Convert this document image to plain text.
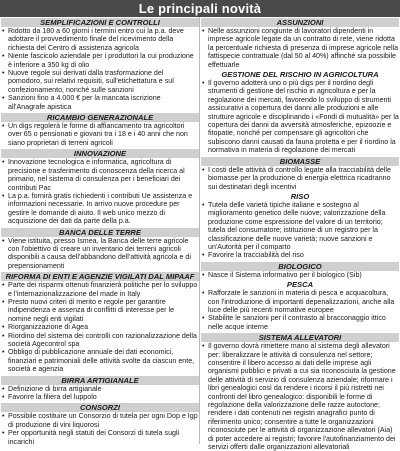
Le principali novità
SEMPLIFICAZIONI E CONTROLLI
• Ridotto da 180 a 60 giorni i termini entro cui la p.a. deve adottare il provvedimento finale del ricevimento della richiesta del Centro di assistenza agricola
• Niente fascicolo aziendale per i produttori la cui produzione è inferiore a 350 kg di olio
• Nuove regole sui derivati dalla trasformazione del pomodoro, sui relativi requisiti, sull'etichettatura e sul confezionamento, nonché sulle sanzioni
• Sanzioni fino a 4.000 € per la mancata iscrizione all'Anagrafe apistica
RICAMBIO GENERAZIONALE
• Un digs regolerà le forme di affiancamento tra agricoltori over 65 o pensionati e giovani tra i 18 e i 40 anni che non siano proprietari di terreni agricoli
INNOVAZIONE
• Innovazione tecnologica e informatica, agricoltura di precisione e trasferimento di conoscenza della ricerca al primario, nel sistema di consulenza per i beneficiari dei contributi Pac
• La p.a. fornirà gratis richiedenti i contributi Ue assistenza e informazioni necessarie. In arrivo nuove procedure per gestire le domande di aiuto. Il web unico mezzo di acquisizione dei dati da parte della p.a.
BANCA DELLE TERRE
• Viene istituita, presso Ismea, la Banca delle terre agricole con l'obiettivo di creare un inventario dei terreni agricoli disponibili a causa dell'abbandono dell'attività agricola e di prepensionamenti
RIFORMA DI ENTI E AGENZIE VIGILATI DAL MIPAAF
• Parte dei risparmi ottenuti finanzierà politiche per lo sviluppo e l'internazionalizzazione del made in Italy
• Presto nuovi criteri di merito e regole per garantire indipendenza e assenza di conflitti di interesse per le nomine negli enti vigilati
• Riorganizzazione di Agea
• Riordino del sistema dei controlli con razionalizzazione della società Agecontrol spa
• Obbligo di pubblicazione annuale dei dati economici, finanziari e patrimoniali delle attività svolte da ciascun ente, società e agenzia
BIRRA ARTIGIANALE
• Definizione di birra artigianale
• Favorire la filiera del luppolo
CONSORZI
• Possibile costituire un Consorzio di tutela per ogni Dop e Igp di produzione di vini liquorosi
• Per opportunità negli statuti dei Consorzi di tutela sugli incarichi
ASSUNZIONI
• Nelle assunzioni congiunte di lavoratori dipendenti in imprese agricole legate da un contratto di rete, viene ridotta la percentuale richiesta di presenza di imprese agricole nella fattispecie contrattuale (dal 50 al 40%) affinché sia possibile effettuarle
GESTIONE DEL RISCHIO IN AGRICOLTURA
• Il governo adotterà uno o più digs per il riordino degli strumenti di gestione del rischio in agricoltura e per la regolazione dei mercati, favorendo lo sviluppo di strumenti assicurativi a copertura dei danni alle produzioni e alle strutture agricole e disciplinando i «Fondi di mutualità» per la copertura dei danni da avversità atmosferiche, epizoozie e fitopatie, nonché per compensare gli agricoltori che subiscono danni causati da fauna protetta e per il riordino la normativa in materia di regolazione dei mercati
BIOMASSE
• I costi delle attività di controllo legate alla tracciabilità delle biomasse per la produzione di energia elettrica ricadranno sui destinatari degli incentivi
RISO
• Tutela delle varietà tipiche italiane e sostegno al miglioramento genetico delle nuove; valorizzazione della produzione come espressione del valore di un territorio; tutela del consumatore; istituzione di un registro per la classificazione delle nuove varietà; nuove sanzioni e un'Autorità per il comparto
• Favorire la tracciabilità del riso
BIOLOGICO
• Nasce il Sistema informativo per il biologico (Sib)
PESCA
• Rafforzate le sanzioni in materia di pesca e acquacoltura, con l'introduzione di importanti depenalizzazioni, anche alla luce delle più recenti normative europee
• Stabilite le sanzioni per il contrasto al bracconaggio ittico nelle acque interne
SISTEMA ALLEVATORI
• Il governo dovrà rimettere mano al sistema degli allevatori per: liberalizzare le attività di consulenza nel settore; consentire il libero accesso ai dati delle imprese agli organismi pubblici e privati a cui sia riconosciuta la gestione delle attività di servizio di consulenza aziendale; riformare i libri genealogici così da rendere i ricorsi il più ristretti nei confronti del libro genealogico: disponibili le forme di regolazione della valorizzazione delle razze autoctone; rendere i dati contenuti nei registri anagrafici punto di riferimento unico; consentire a tutte le organizzazioni riconosciute per le attività di organizzazione allevatori (Aia) di poter accedere ai registri; favorire l'autofinanziamento dei servizi offerti dalle organizzazioni allevatoriali
